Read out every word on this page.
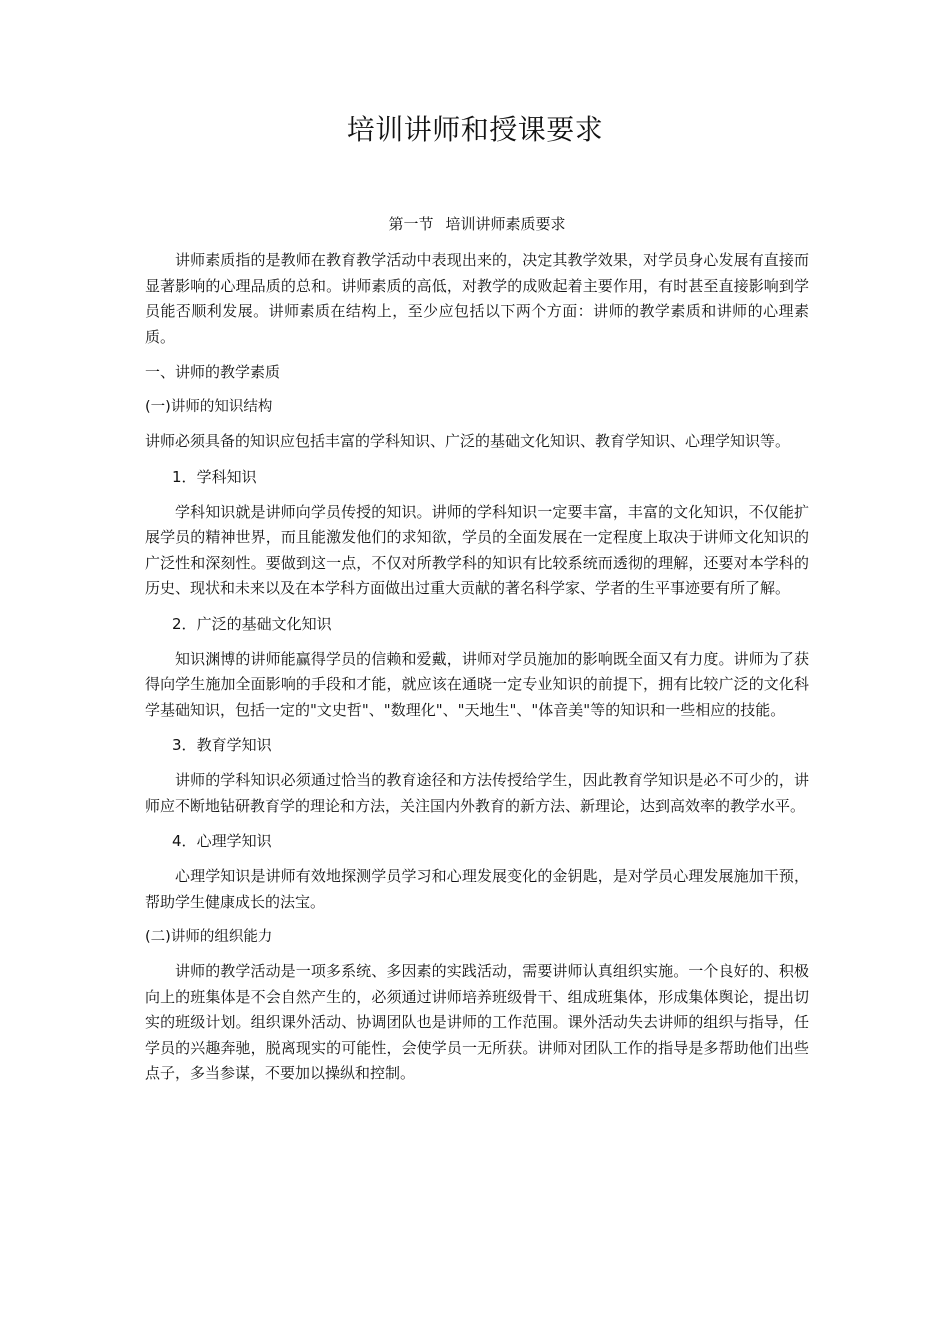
培训讲师和授课要求
第一节 培训讲师素质要求

讲师素质指的是教师在教育教学活动中表现出来的，决定其教学效果，对学员身心发展有直接而显著影响的心理品质的总和。讲师素质的高低，对教学的成败起着主要作用，有时甚至直接影响到学员能否顺利发展。讲师素质在结构上，至少应包括以下两个方面：讲师的教学素质和讲师的心理素质。

一、讲师的教学素质

(一)讲师的知识结构

讲师必须具备的知识应包括丰富的学科知识、广泛的基础文化知识、教育学知识、心理学知识等。

1．学科知识

学科知识就是讲师向学员传授的知识。讲师的学科知识一定要丰富，丰富的文化知识，不仅能扩展学员的精神世界，而且能激发他们的求知欲，学员的全面发展在一定程度上取决于讲师文化知识的广泛性和深刻性。要做到这一点，不仅对所教学科的知识有比较系统而透彻的理解，还要对本学科的历史、现状和未来以及在本学科方面做出过重大贡献的著名科学家、学者的生平事迹要有所了解。

2．广泛的基础文化知识

知识渊博的讲师能赢得学员的信赖和爱戴，讲师对学员施加的影响既全面又有力度。讲师为了获得向学生施加全面影响的手段和才能，就应该在通晓一定专业知识的前提下，拥有比较广泛的文化科学基础知识，包括一定的"文史哲"、"数理化"、"天地生"、"体音美"等的知识和一些相应的技能。

3．教育学知识

讲师的学科知识必须通过恰当的教育途径和方法传授给学生，因此教育学知识是必不可少的，讲师应不断地钻研教育学的理论和方法，关注国内外教育的新方法、新理论，达到高效率的教学水平。

4．心理学知识

心理学知识是讲师有效地探测学员学习和心理发展变化的金钥匙，是对学员心理发展施加干预，帮助学生健康成长的法宝。

(二)讲师的组织能力

讲师的教学活动是一项多系统、多因素的实践活动，需要讲师认真组织实施。一个良好的、积极向上的班集体是不会自然产生的，必须通过讲师培养班级骨干、组成班集体，形成集体舆论，提出切实的班级计划。组织课外活动、协调团队也是讲师的工作范围。课外活动失去讲师的组织与指导，任学员的兴趣奔驰，脱离现实的可能性，会使学员一无所获。讲师对团队工作的指导是多帮助他们出些点子，多当参谋，不要加以操纵和控制。
